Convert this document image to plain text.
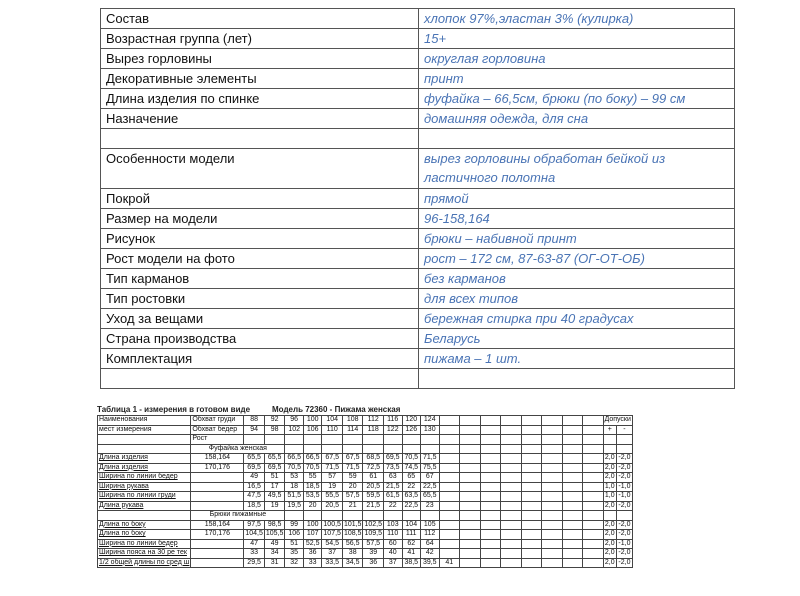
Состав	хлопок 97%,эластан 3% (кулирка)
Возрастная группа (лет)	15+
Вырез горловины	округлая горловина
Декоративные элементы	принт
Длина изделия по спинке	фуфайка – 66,5см, брюки (по боку) – 99 см
Назначение	домашняя одежда, для сна

Особенности модели	вырез горловины обработан бейкой из ластичного полотна
Покрой	прямой
Размер на модели	96-158,164
Рисунок	брюки – набивной принт
Рост модели на фото	рост – 172 см, 87-63-87 (ОГ-ОТ-ОБ)
Тип карманов	без карманов
Тип ростовки	для всех типов
Уход за вещами	бережная стирка при 40 градусах
Страна производства	Беларусь
Комплектация	пижама – 1 шт.

Таблица 1 - измерения в готовом виде	Модель 72360 - Пижама женская
Наименования	Обхват груди	88	92	96	100	104	108	112	116	120	124									Допуски	
мест измерения	Обхват бедер	94	98	102	106	110	114	118	122	126	130									+	-
	Рост																				
	Фуфайка женская																				
Длина изделия	158,164	65,5	65,5	66,5	66,5	67,5	67,5	68,5	69,5	70,5	71,5									2,0	-2,0
Длина изделия	170,176	69,5	69,5	70,5	70,5	71,5	71,5	72,5	73,5	74,5	75,5									2,0	-2,0
Ширина по линии бедер		49	51	53	55	57	59	61	63	65	67									2,0	-2,0
Ширина рукава		16,5	17	18	18,5	19	20	20,5	21,5	22	22,5									1,0	-1,0
Ширина по линии груди		47,5	49,5	51,5	53,5	55,5	57,5	59,5	61,5	63,5	65,5									1,0	-1,0
Длина рукава		18,5	19	19,5	20	20,5	21	21,5	22	22,5	23									2,0	-2,0
	Брюки пижамные																				
Длина по боку	158,164	97,5	98,5	99	100	100,5	101,5	102,5	103	104	105									2,0	-2,0
Длина по боку	170,176	104,5	105,5	106	107	107,5	108,5	109,5	110	111	112									2,0	-2,0
Ширина по линии бедер		47	49	51	52,5	54,5	56,5	57,5	60	62	64									2,0	-1,0
Ширина пояса на 30 ре тек		33	34	35	36	37	38	39	40	41	42									2,0	-2,0
1/2 общей длины по сред ш		29,5	31	32	33	33,5	34,5	36	37	38,5	39,5	41								2,0	-2,0
